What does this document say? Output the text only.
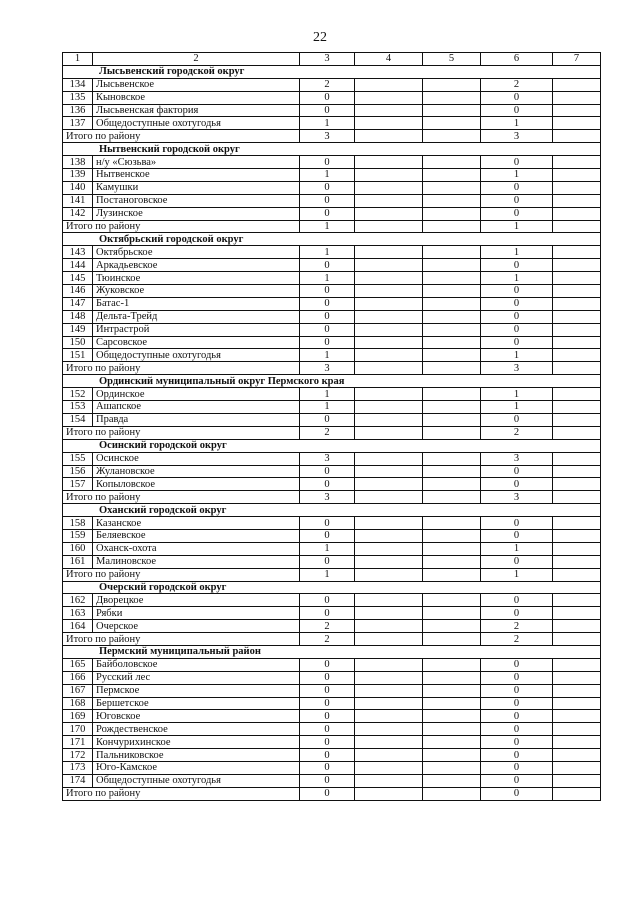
22
1	2	3	4	5	6	7
Лысьвенский городской округ						
134	Лысьвенское	2			2	
135	Кыновское	0			0	
136	Лысьвенская фактория	0			0	
137	Общедоступные охотугодья	1			1	
Итого по району		3			3	
Нытвенский городской округ						
138	н/у «Сюзьва»	0			0	
139	Нытвенское	1			1	
140	Камушки	0			0	
141	Постаноговское	0			0	
142	Лузинское	0			0	
Итого по району		1			1	
Октябрьский городской округ						
143	Октябрьское	1			1	
144	Аркадьевское	0			0	
145	Тюинское	1			1	
146	Жуковское	0			0	
147	Батас-1	0			0	
148	Дельта-Трейд	0			0	
149	Интрастрой	0			0	
150	Сарсовское	0			0	
151	Общедоступные охотугодья	1			1	
Итого по району		3			3	
Ординский муниципальный округ Пермского края						
152	Ординское	1			1	
153	Ашапское	1			1	
154	Правда	0			0	
Итого по району		2			2	
Осинский городской округ						
155	Осинское	3			3	
156	Жулановское	0			0	
157	Копыловское	0			0	
Итого по району		3			3	
Оханский городской округ						
158	Казанское	0			0	
159	Беляевское	0			0	
160	Оханск-охота	1			1	
161	Малиновское	0			0	
Итого по району		1			1	
Очерский городской округ						
162	Дворецкое	0			0	
163	Рябки	0			0	
164	Очерское	2			2	
Итого по району		2			2	
Пермский муниципальный район						
165	Байболовское	0			0	
166	Русский лес	0			0	
167	Пермское	0			0	
168	Бершетское	0			0	
169	Юговское	0			0	
170	Рождественское	0			0	
171	Кончурихинское	0			0	
172	Пальниковское	0			0	
173	Юго-Камское	0			0	
174	Общедоступные охотугодья	0			0	
Итого по району		0			0	
